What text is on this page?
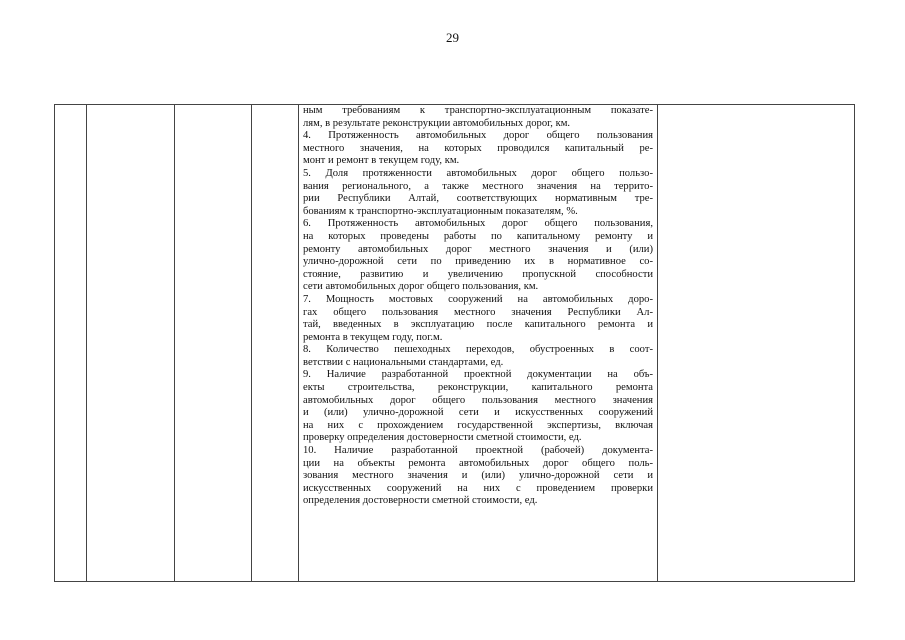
29

ным требованиям к транспортно-эксплуатационным показате-
лям, в результате реконструкции автомобильных дорог, км.
4. Протяженность автомобильных дорог общего пользования
местного значения, на которых проводился капитальный ре-
монт и ремонт в текущем году, км.
5. Доля протяженности автомобильных дорог общего пользо-
вания регионального, а также местного значения на террито-
рии Республики Алтай, соответствующих нормативным тре-
бованиям к транспортно-эксплуатационным показателям, %.
6. Протяженность автомобильных дорог общего пользования,
на которых проведены работы по капитальному ремонту и
ремонту автомобильных дорог местного значения и (или)
улично-дорожной сети по приведению их в нормативное со-
стояние, развитию и увеличению пропускной способности
сети автомобильных дорог общего пользования, км.
7. Мощность мостовых сооружений на автомобильных доро-
гах общего пользования местного значения Республики Ал-
тай, введенных в эксплуатацию после капитального ремонта и
ремонта в текущем году, пог.м.
8. Количество пешеходных переходов, обустроенных в соот-
ветствии с национальными стандартами, ед.
9. Наличие разработанной проектной документации на объ-
екты строительства, реконструкции, капитального ремонта
автомобильных дорог общего пользования местного значения
и (или) улично-дорожной сети и искусственных сооружений
на них с прохождением государственной экспертизы, включая
проверку определения достоверности сметной стоимости, ед.
10. Наличие разработанной проектной (рабочей) документа-
ции на объекты ремонта автомобильных дорог общего поль-
зования местного значения и (или) улично-дорожной сети и
искусственных сооружений на них с проведением проверки
определения достоверности сметной стоимости, ед.
